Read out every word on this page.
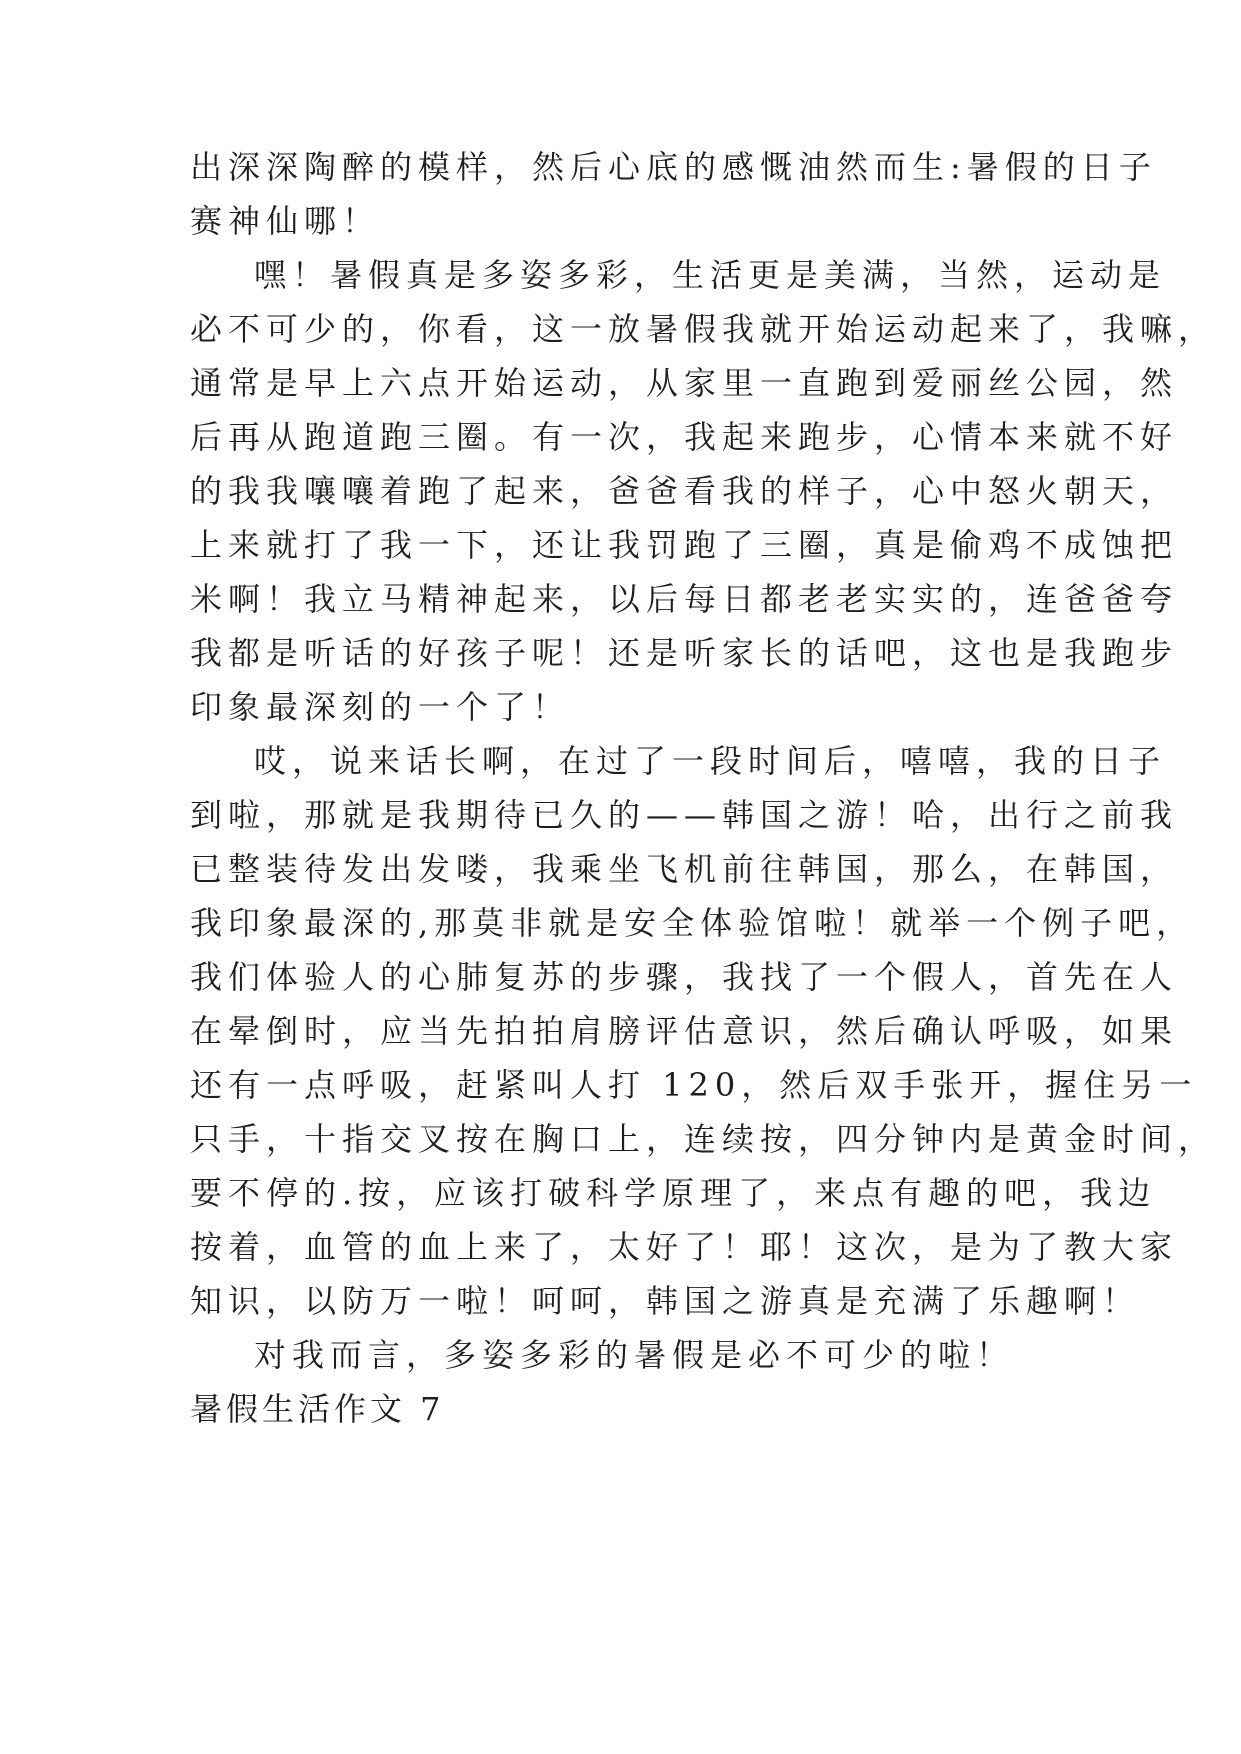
出深深陶醉的模样，然后心底的感慨油然而生:暑假的日子
赛神仙哪！
嘿！暑假真是多姿多彩，生活更是美满，当然，运动是
必不可少的，你看，这一放暑假我就开始运动起来了，我嘛，
通常是早上六点开始运动，从家里一直跑到爱丽丝公园，然
后再从跑道跑三圈。有一次，我起来跑步，心情本来就不好
的我我嚷嚷着跑了起来，爸爸看我的样子，心中怒火朝天，
上来就打了我一下，还让我罚跑了三圈，真是偷鸡不成蚀把
米啊！我立马精神起来，以后每日都老老实实的，连爸爸夸
我都是听话的好孩子呢！还是听家长的话吧，这也是我跑步
印象最深刻的一个了！
哎，说来话长啊，在过了一段时间后，嘻嘻，我的日子
到啦，那就是我期待已久的——韩国之游！哈，出行之前我
已整装待发出发喽，我乘坐飞机前往韩国，那么，在韩国，
我印象最深的,那莫非就是安全体验馆啦！就举一个例子吧，
我们体验人的心肺复苏的步骤，我找了一个假人，首先在人
在晕倒时，应当先拍拍肩膀评估意识，然后确认呼吸，如果
还有一点呼吸，赶紧叫人打 120，然后双手张开，握住另一
只手，十指交叉按在胸口上，连续按，四分钟内是黄金时间，
要不停的.按，应该打破科学原理了，来点有趣的吧，我边
按着，血管的血上来了，太好了！耶！这次，是为了教大家
知识，以防万一啦！呵呵，韩国之游真是充满了乐趣啊！
对我而言，多姿多彩的暑假是必不可少的啦！
暑假生活作文 7
